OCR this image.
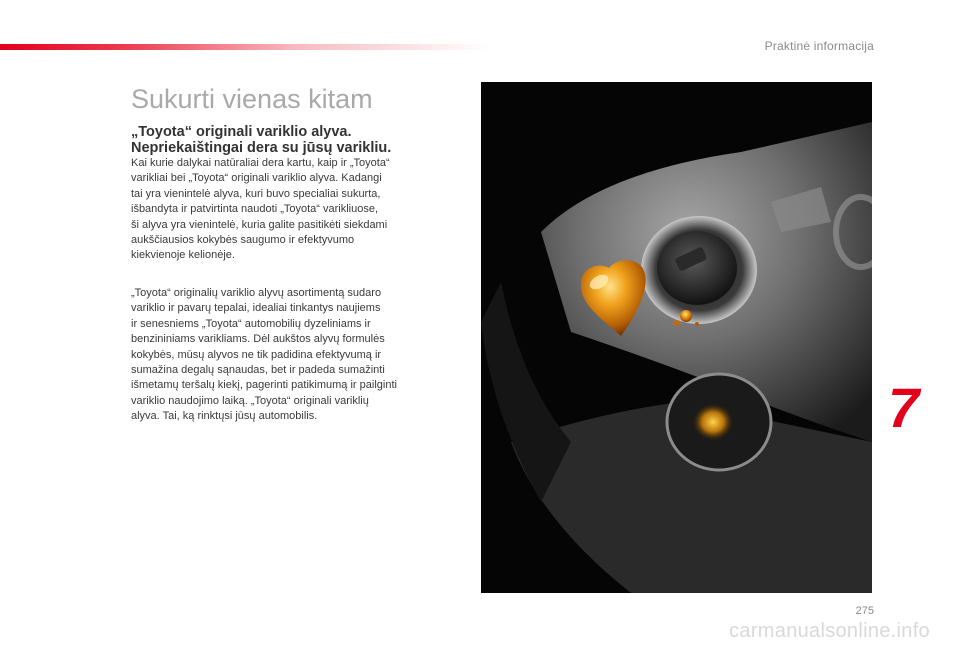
Praktinė informacija
Sukurti vienas kitam
„Toyota“ originali variklio alyva.
Nepriekaištingai dera su jūsų varikliu.

Kai kurie dalykai natūraliai dera kartu, kaip ir „Toyota“
varikliai bei „Toyota“ originali variklio alyva. Kadangi
tai yra vienintelė alyva, kuri buvo specialiai sukurta,
išbandyta ir patvirtinta naudoti „Toyota“ varikliuose,
ši alyva yra vienintelė, kuria galite pasitikėti siekdami
aukščiausios kokybės saugumo ir efektyvumo
kiekvienoje kelionėje.

„Toyota“ originalių variklio alyvų asortimentą sudaro
variklio ir pavarų tepalai, idealiai tinkantys naujiems
ir senesniems „Toyota“ automobilių dyzeliniams ir
benzininiams varikliams. Dėl aukštos alyvų formulės
kokybės, mūsų alyvos ne tik padidina efektyvumą ir
sumažina degalų sąnaudas, bet ir padeda sumažinti
išmetamų teršalų kiekį, pagerinti patikimumą ir pailginti
variklio naudojimo laiką. „Toyota“ originali variklių
alyva. Tai, ką rinktųsi jūsų automobilis.	7
275
carmanualsonline.info
